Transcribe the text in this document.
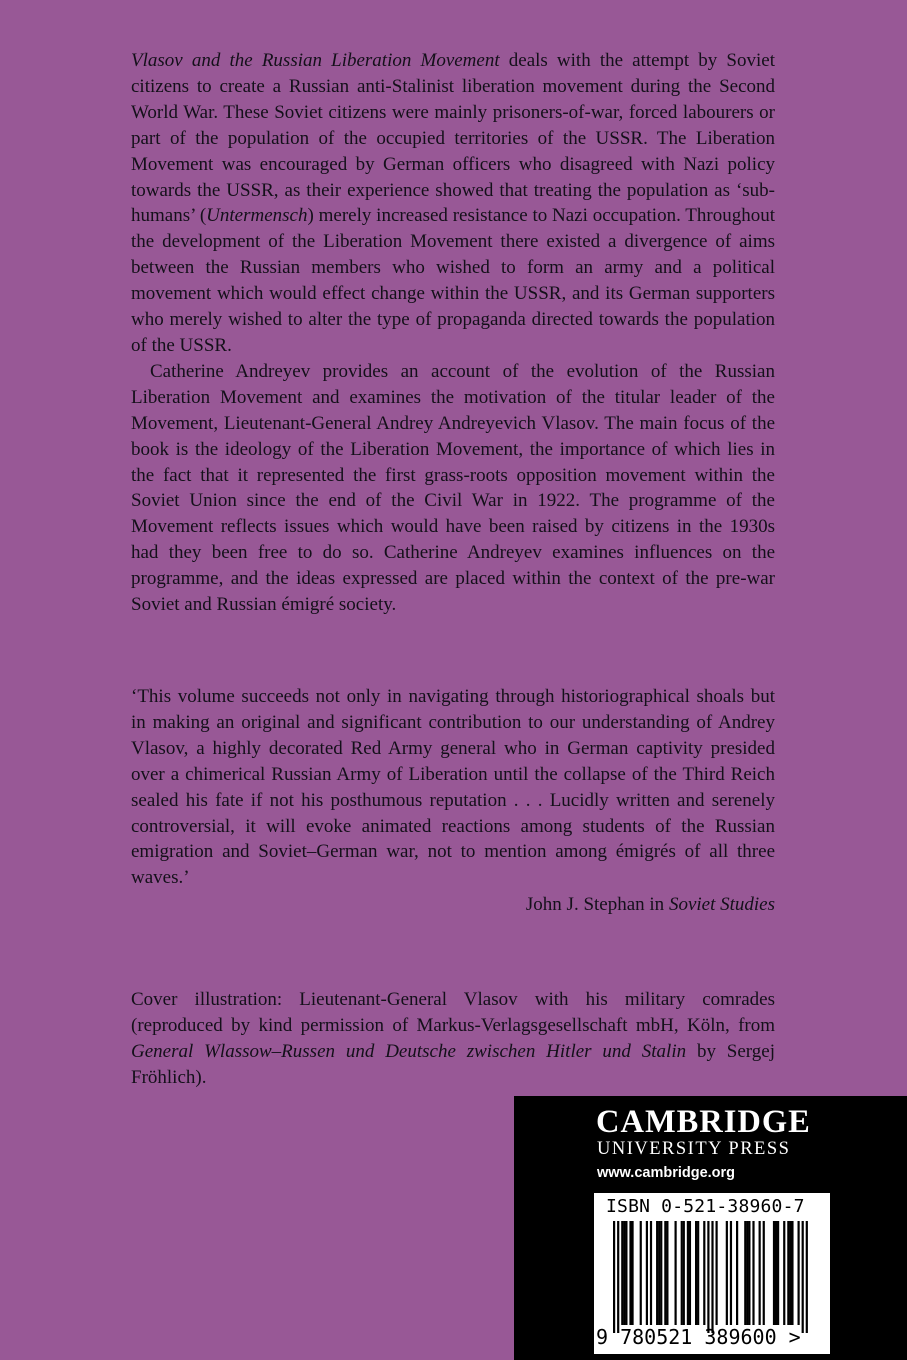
Vlasov and the Russian Liberation Movement deals with the attempt by Soviet citizens to create a Russian anti-Stalinist liberation movement during the Second World War. These Soviet citizens were mainly prisoners-of-war, forced labourers or part of the population of the occupied territories of the USSR. The Liberation Movement was encouraged by German officers who disagreed with Nazi policy towards the USSR, as their experience showed that treating the population as ‘sub-humans’ (Untermensch) merely increased resistance to Nazi occupation. Throughout the development of the Liberation Movement there existed a divergence of aims between the Russian members who wished to form an army and a political movement which would effect change within the USSR, and its German supporters who merely wished to alter the type of propaganda directed towards the population of the USSR.

Catherine Andreyev provides an account of the evolution of the Russian Liberation Movement and examines the motivation of the titular leader of the Movement, Lieutenant-General Andrey Andreyevich Vlasov. The main focus of the book is the ideology of the Liberation Movement, the importance of which lies in the fact that it represented the first grass-roots opposition movement within the Soviet Union since the end of the Civil War in 1922. The programme of the Movement reflects issues which would have been raised by citizens in the 1930s had they been free to do so. Catherine Andreyev examines influences on the programme, and the ideas expressed are placed within the context of the pre-war Soviet and Russian émigré society.

‘This volume succeeds not only in navigating through historiographical shoals but in making an original and significant contribution to our understanding of Andrey Vlasov, a highly decorated Red Army general who in German captivity presided over a chimerical Russian Army of Liberation until the collapse of the Third Reich sealed his fate if not his posthumous reputation . . . Lucidly written and serenely controversial, it will evoke animated reactions among students of the Russian emigration and Soviet–German war, not to mention among émigrés of all three waves.’

John J. Stephan in Soviet Studies

Cover illustration: Lieutenant-General Vlasov with his military comrades (reproduced by kind permission of Markus-Verlagsgesellschaft mbH, Köln, from General Wlassow–Russen und Deutsche zwischen Hitler und Stalin by Sergej Fröhlich).

CAMBRIDGE
UNIVERSITY PRESS
www.cambridge.org
ISBN 0-521-38960-7
9 780521 389600 >
